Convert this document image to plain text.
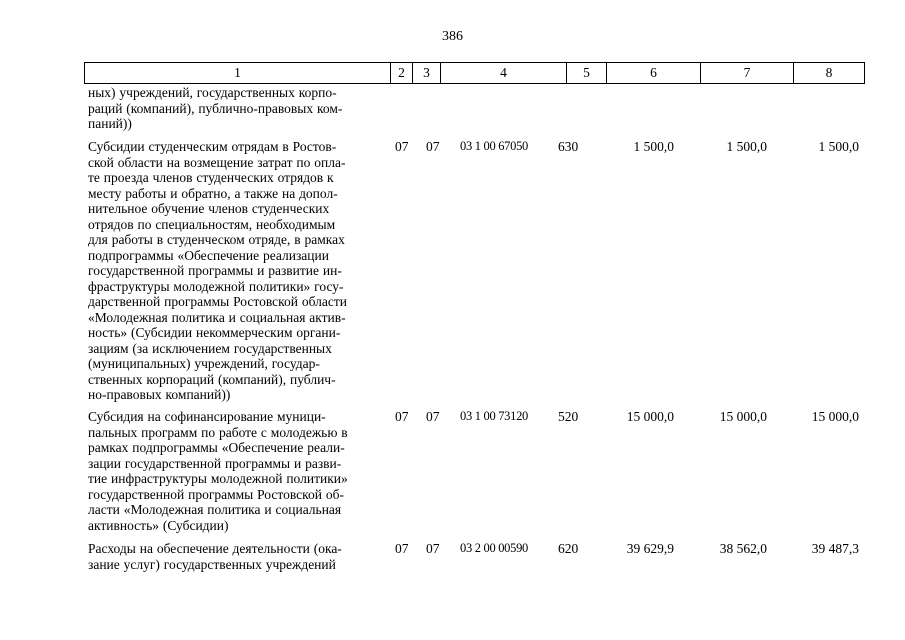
386
1	2	3	4	5	6	7	8
ных) учреждений, государственных корпо-
раций (компаний), публично-правовых ком-
паний))
Субсидии студенческим отрядам в Ростов-
ской области на возмещение затрат по опла-
те проезда членов студенческих отрядов к
месту работы и обратно, а также на допол-
нительное обучение членов студенческих
отрядов по специальностям, необходимым
для работы в студенческом отряде, в рамках
подпрограммы «Обеспечение реализации
государственной программы и развитие ин-
фраструктуры молодежной политики» госу-
дарственной программы Ростовской области
«Молодежная политика и социальная актив-
ность» (Субсидии некоммерческим органи-
зациям (за исключением государственных
(муниципальных) учреждений, государ-
ственных корпораций (компаний), публич-
но-правовых компаний))
07	07	03 1 00 67050	630	1 500,0	1 500,0	1 500,0
Субсидия на софинансирование муници-
пальных программ по работе с молодежью в
рамках подпрограммы «Обеспечение реали-
зации государственной программы и разви-
тие инфраструктуры молодежной политики»
государственной программы Ростовской об-
ласти «Молодежная политика и социальная
активность» (Субсидии)
07	07	03 1 00 73120	520	15 000,0	15 000,0	15 000,0
Расходы на обеспечение деятельности (ока-
зание услуг) государственных учреждений
07	07	03 2 00 00590	620	39 629,9	38 562,0	39 487,3
